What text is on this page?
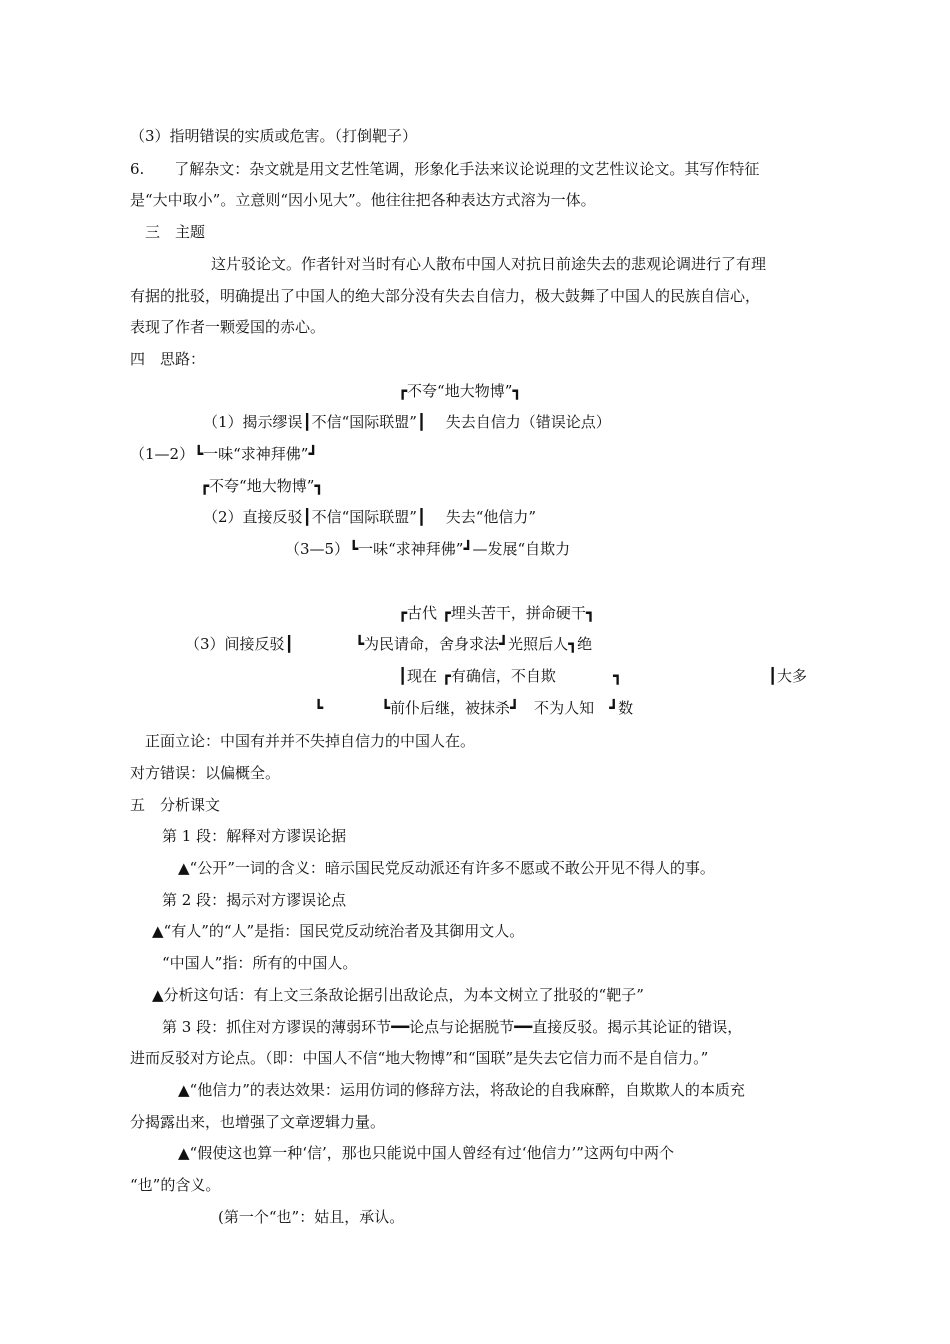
（3）指明错误的实质或危害。（打倒靶子）
6.　　了解杂文：杂文就是用文艺性笔调，形象化手法来议论说理的文艺性议论文。其写作特征
是“大中取小”。立意则“因小见大”。他往往把各种表达方式溶为一体。
三　主题
这片驳论文。作者针对当时有心人散布中国人对抗日前途失去的悲观论调进行了有理
有据的批驳，明确提出了中国人的绝大部分没有失去自信力，极大鼓舞了中国人的民族自信心，
表现了作者一颗爱国的赤心。
四　思路：
┏不夸“地大物博”┓
（1）揭示缪误┃不信“国际联盟”┃　 失去自信力（错误论点）
（1—2）┗一味“求神拜佛”┛
┏不夸“地大物博”┓
（2）直接反驳┃不信“国际联盟”┃　 失去“他信力”
（3—5）┗一味“求神拜佛”┛—发展“自欺力
┏古代 ┏埋头苦干，拼命硬干┓
（3）间接反驳┃	┗为民请命，舍身求法┛光照后人┓绝
┃现在 ┏有确信，不自欺	┓	┃大多
┗	┗前仆后继，被抹杀┛　不为人知　┛数
正面立论：中国有并并不失掉自信力的中国人在。
对方错误：以偏概全。
五　分析课文
第 1 段：解释对方谬误论据
▲“公开”一词的含义：暗示国民党反动派还有许多不愿或不敢公开见不得人的事。
第 2 段：揭示对方谬误论点
▲“有人”的“人”是指：国民党反动统治者及其御用文人。
“中国人”指：所有的中国人。
▲分析这句话：有上文三条敌论据引出敌论点，为本文树立了批驳的“靶子”
第 3 段：抓住对方谬误的薄弱环节━━论点与论据脱节━━直接反驳。揭示其论证的错误，
进而反驳对方论点。（即：中国人不信“地大物博”和“国联”是失去它信力而不是自信力。”
▲“他信力”的表达效果：运用仿词的修辞方法，将敌论的自我麻醉，自欺欺人的本质充
分揭露出来，也增强了文章逻辑力量。
▲“假使这也算一种‘信’，那也只能说中国人曾经有过‘他信力’”这两句中两个
“也”的含义。
(第一个“也”：姑且，承认。
